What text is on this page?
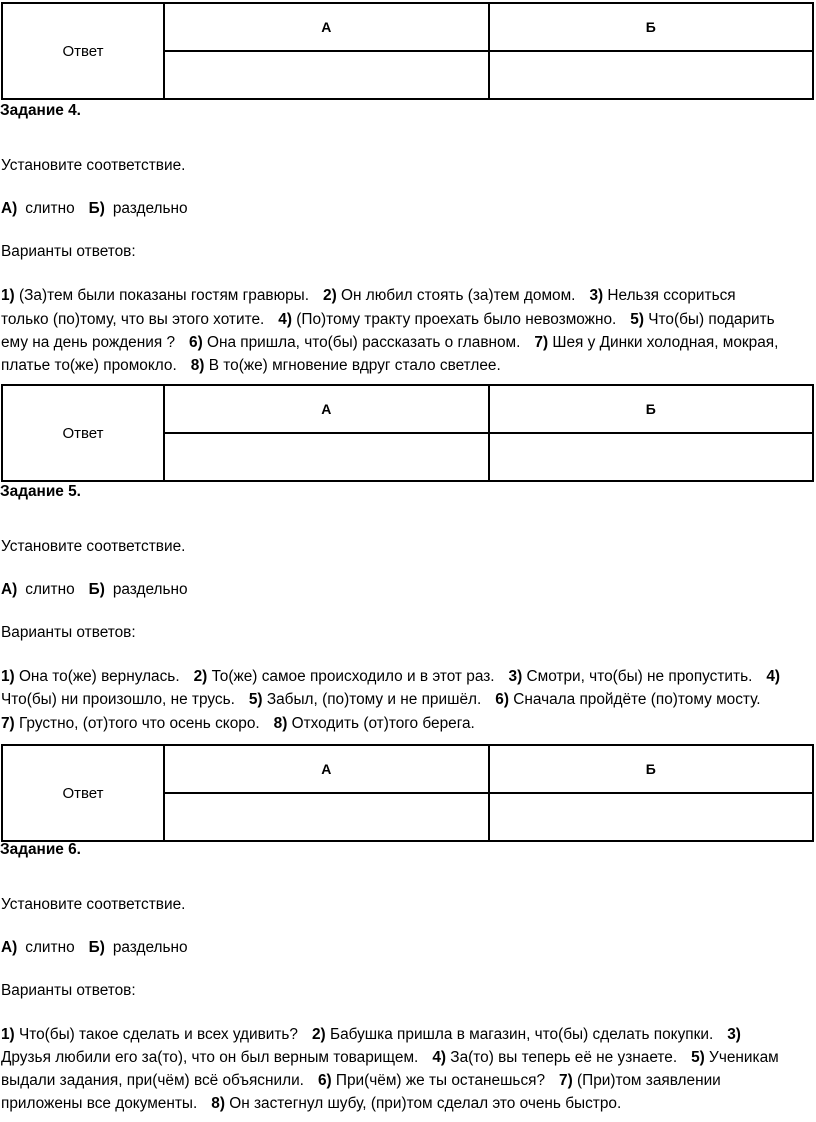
Ответ	А	Б

Задание 4.
Установите соответствие.
А) слитно Б) раздельно
Варианты ответов:
1) (За)тем были показаны гостям гравюры. 2) Он любил стоять (за)тем домом. 3) Нельзя ссориться
только (по)тому, что вы этого хотите. 4) (По)тому тракту проехать было невозможно. 5) Что(бы) подарить
ему на день рождения ? 6) Она пришла, что(бы) рассказать о главном. 7) Шея у Динки холодная, мокрая,
платье то(же) промокло. 8) В то(же) мгновение вдруг стало светлее.
Ответ	А	Б

Задание 5.
Установите соответствие.
А) слитно Б) раздельно
Варианты ответов:
1) Она то(же) вернулась. 2) То(же) самое происходило и в этот раз. 3) Смотри, что(бы) не пропустить. 4)
Что(бы) ни произошло, не трусь. 5) Забыл, (по)тому и не пришёл. 6) Сначала пройдёте (по)тому мосту.
7) Грустно, (от)того что осень скоро. 8) Отходить (от)того берега.
Ответ	А	Б

Задание 6.
Установите соответствие.
А) слитно Б) раздельно
Варианты ответов:
1) Что(бы) такое сделать и всех удивить? 2) Бабушка пришла в магазин, что(бы) сделать покупки. 3)
Друзья любили его за(то), что он был верным товарищем. 4) За(то) вы теперь её не узнаете. 5) Ученикам
выдали задания, при(чём) всё объяснили. 6) При(чём) же ты останешься? 7) (При)том заявлении
приложены все документы. 8) Он застегнул шубу, (при)том сделал это очень быстро.
